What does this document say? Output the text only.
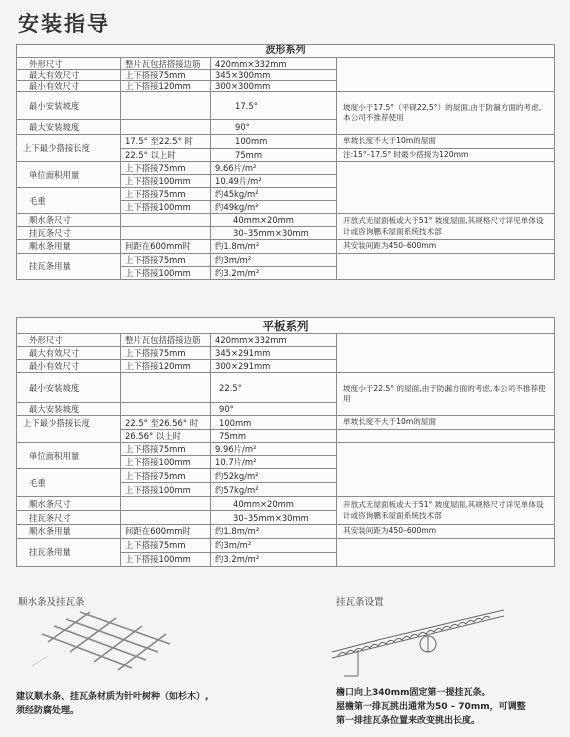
安装指导
波形系列			
外形尺寸	整片瓦包括搭接边筋	420mm×332mm	
最大有效尺寸	上下搭接75mm	345×300mm	
最小有效尺寸	上下搭接120mm	300×300mm	
最小安装坡度		17.5°	坡度小于17.5°（平砚22.5°）的屋面,由于防漏方面的考虑,本公司不推荐使用
最大安装坡度		90°	
上下最少搭接长度	17.5° 至22.5° 时	100mm	单坡长度不大于10m的屋面
	22.5° 以上时	75mm	注:15°–17.5° 时最少搭接为120mm
单位面积用量	上下搭接75mm	9.66片/m²	
	上下搭接100mm	10.49片/m²	
毛重	上下搭接75mm	约45kg/m²	
	上下搭接100mm	约49kg/m²	
顺水条尺寸		40mm×20mm	开放式无屋面板或大于51° 坡度屋面,其规格尺寸详见单体设计或咨询鹏禾屋面系统技术部
挂瓦条尺寸		30–35mm×30mm	
顺水条用量	间距在600mm时	约1.8m/m²	其安装间距为450–600mm
挂瓦条用量	上下搭接75mm	约3m/m²	
	上下搭接100mm	约3.2m/m²	
平板系列			
外形尺寸	整片瓦包括搭接边筋	420mm×332mm	
最大有效尺寸	上下搭接75mm	345×291mm	
最小有效尺寸	上下搭接120mm	300×291mm	
最小安装坡度		22.5°	坡度小于22.5° 的屋面,由于防漏方面的考虑,本公司不推荐使用
最大安装坡度		90°	
上下最少搭接长度	22.5° 至26.56° 时	100mm	单坡长度不大于10m的屋面
	26.56° 以上时	75mm	
单位面积用量	上下搭接75mm	9.96片/m²	
	上下搭接100mm	10.7片/m²	
毛重	上下搭接75mm	约52kg/m²	
	上下搭接100mm	约57kg/m²	
顺水条尺寸		40mm×20mm	开放式无屋面板或大于51° 坡度屋面,其规格尺寸详见单体设计或咨询鹏禾屋面系统技术部
挂瓦条尺寸		30–35mm×30mm	
顺水条用量	间距在600mm时	约1.8m/m²	其安装间距为450–600mm
挂瓦条用量	上下搭接75mm	约3m/m²	
	上下搭接100mm	约3.2m/m²	
顺水条及挂瓦条
建议顺水条、挂瓦条材质为针叶树种（如杉木）,
须经防腐处理。
挂瓦条设置
檐口向上340mm固定第一提挂瓦条。
屋檐第一排瓦挑出通常为50 – 70mm，可调整
第一排挂瓦条位置来改变挑出长度。
